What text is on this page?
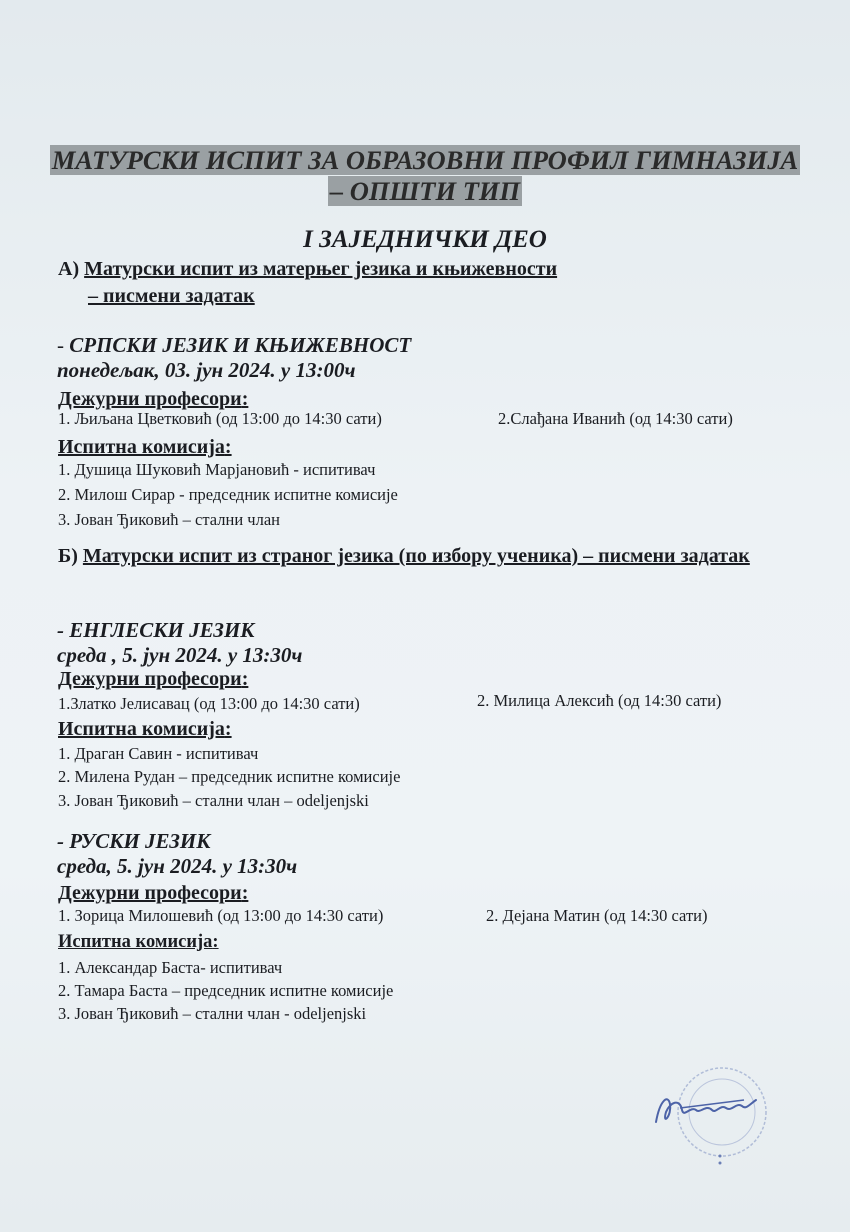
МАТУРСКИ ИСПИТ ЗА ОБРАЗОВНИ ПРОФИЛ ГИМНАЗИЈА
– ОПШТИ ТИП
I ЗАЈЕДНИЧКИ ДЕО
А) Матурски испит из матерњег језика и књижевности
– писмени задатак
- СРПСКИ ЈЕЗИК И КЊИЖЕВНОСТ
понедељак, 03. јун 2024. у 13:00ч
Дежурни професори:
1. Љиљана Цветковић (од 13:00 до 14:30 сати)	2.Слађана Иванић (од 14:30 сати)
Испитна комисија:
1. Душица Шуковић Марјановић - испитивач
2. Милош Сирар - председник испитне комисије
3. Јован Ђиковић – стални члан
Б) Матурски испит из страног језика (по избору ученика) – писмени задатак
- ЕНГЛЕСКИ ЈЕЗИК
среда , 5. јун 2024. у 13:30ч
Дежурни професори:
1.Златко Јелисавац (од 13:00 до 14:30 сати)	2. Милица Алексић (од 14:30 сати)
Испитна комисија:
1. Драган Савин - испитивач
2. Милена Рудан – председник испитне комисије
3. Јован Ђиковић – стални члан – odeljenjski
- РУСКИ ЈЕЗИК
среда, 5. јун 2024. у 13:30ч
Дежурни професори:
1. Зорица Милошевић (од 13:00 до 14:30 сати)	2. Дејана Матин (од 14:30 сати)
Испитна комисија:
1. Александар Баста- испитивач
2. Тамара Баста – председник испитне комисије
3. Јован Ђиковић – стални члан - odeljenjski
